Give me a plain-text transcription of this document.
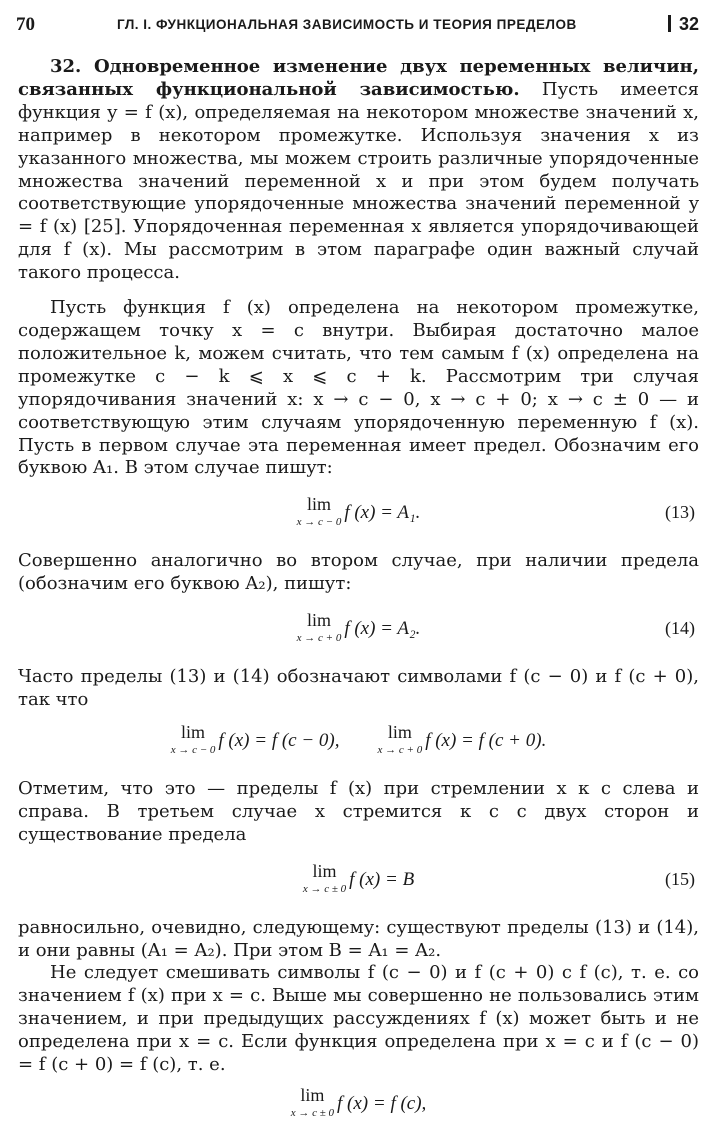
70	ГЛ. I. ФУНКЦИОНАЛЬНАЯ ЗАВИСИМОСТЬ И ТЕОРИЯ ПРЕДЕЛОВ	32

32. Одновременное изменение двух переменных величин, связанных функциональной зависимостью. Пусть имеется функция y = f (x), определяемая на некотором множестве значений x, например в некотором промежутке. Используя значения x из указанного множества, мы можем строить различные упорядоченные множества значений переменной x и при этом будем получать соответствующие упорядоченные множества значений переменной y = f (x) [25]. Упорядоченная переменная x является упорядочивающей для f (x). Мы рассмотрим в этом параграфе один важный случай такого процесса.

Пусть функция f (x) определена на некотором промежутке, содержащем точку x = c внутри. Выбирая достаточно малое положительное k, можем считать, что тем самым f (x) определена на промежутке c − k ⩽ x ⩽ c + k. Рассмотрим три случая упорядочивания значений x: x → c − 0, x → c + 0; x → c ± 0 — и соответствующую этим случаям упорядоченную переменную f (x). Пусть в первом случае эта переменная имеет предел. Обозначим его буквою A₁. В этом случае пишут:

lim
x → c − 0 f (x) = A₁.	(13)

Совершенно аналогично во втором случае, при наличии предела (обозначим его буквою A₂), пишут:

lim
x → c + 0 f (x) = A₂.	(14)

Часто пределы (13) и (14) обозначают символами f (c − 0) и f (c + 0), так что

lim
x → c − 0 f (x) = f (c − 0),	lim
x → c + 0 f (x) = f (c + 0).

Отметим, что это — пределы f (x) при стремлении x к c слева и справа. В третьем случае x стремится к c с двух сторон и существование предела

lim
x → c ± 0 f (x) = B	(15)

равносильно, очевидно, следующему: существуют пределы (13) и (14), и они равны (A₁ = A₂). При этом B = A₁ = A₂.

Не следует смешивать символы f (c − 0) и f (c + 0) с f (c), т. е. со значением f (x) при x = c. Выше мы совершенно не пользовались этим значением, и при предыдущих рассуждениях f (x) может быть и не определена при x = c. Если функция определена при x = c и f (c − 0) = f (c + 0) = f (c), т. е.

lim
x → c ± 0 f (x) = f (c),
